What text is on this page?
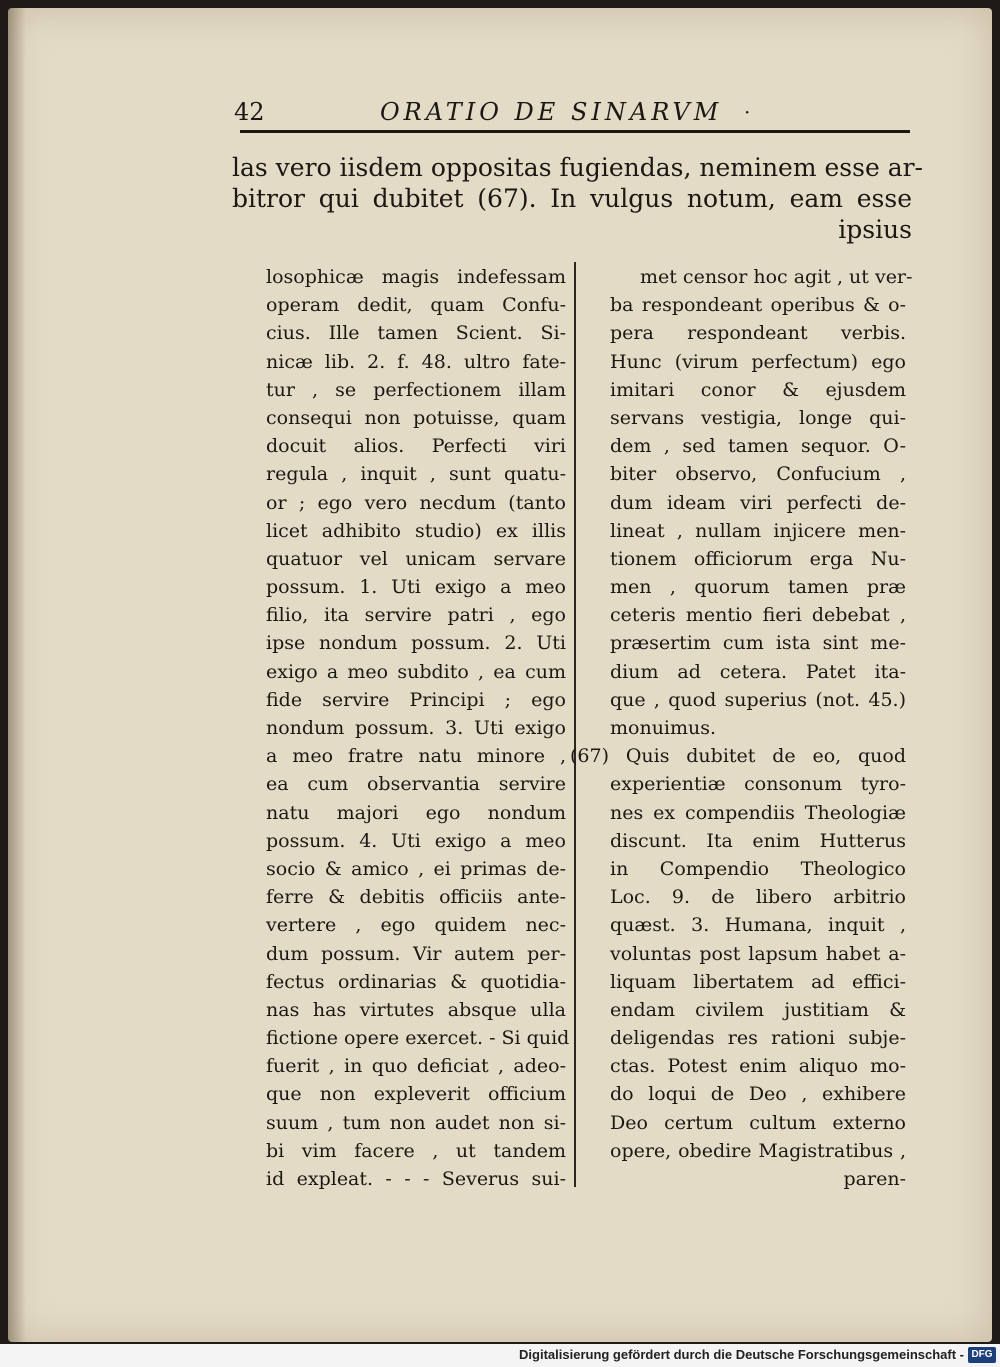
42	ORATIO DE SINARVM ·
las vero iisdem oppositas fugiendas, neminem esse ar-
bitror qui dubitet (67). In vulgus notum, eam esse
ipsius
losophicæ magis indefessam
operam dedit, quam Confu-
cius. Ille tamen Scient. Si-
nicæ lib. 2. f. 48. ultro fate-
tur , se perfectionem illam
consequi non potuisse, quam
docuit alios. Perfecti viri
regula , inquit , sunt quatu-
or ; ego vero necdum (tanto
licet adhibito studio) ex illis
quatuor vel unicam servare
possum. 1. Uti exigo a meo
filio, ita servire patri , ego
ipse nondum possum. 2. Uti
exigo a meo subdito , ea cum
fide servire Principi ; ego
nondum possum. 3. Uti exigo
a meo fratre natu minore ,
ea cum observantia servire
natu majori ego nondum
possum. 4. Uti exigo a meo
socio & amico , ei primas de-
ferre & debitis officiis ante-
vertere , ego quidem nec-
dum possum. Vir autem per-
fectus ordinarias & quotidia-
nas has virtutes absque ulla
fictione opere exercet. - Si quid
fuerit , in quo deficiat , adeo-
que non expleverit officium
suum , tum non audet non si-
bi vim facere , ut tandem
id expleat. - - - Severus sui-
met censor hoc agit , ut ver-
ba respondeant operibus & o-
pera respondeant verbis.
Hunc (virum perfectum) ego
imitari conor & ejusdem
servans vestigia, longe qui-
dem , sed tamen sequor. O-
biter observo, Confucium ,
dum ideam viri perfecti de-
lineat , nullam injicere men-
tionem officiorum erga Nu-
men , quorum tamen præ
ceteris mentio fieri debebat ,
præsertim cum ista sint me-
dium ad cetera. Patet ita-
que , quod superius (not. 45.)
monuimus.
(67) Quis dubitet de eo, quod
experientiæ consonum tyro-
nes ex compendiis Theologiæ
discunt. Ita enim Hutterus
in Compendio Theologico
Loc. 9. de libero arbitrio
quæst. 3. Humana, inquit ,
voluntas post lapsum habet a-
liquam libertatem ad effici-
endam civilem justitiam &
deligendas res rationi subje-
ctas. Potest enim aliquo mo-
do loqui de Deo , exhibere
Deo certum cultum externo
opere, obedire Magistratibus ,
paren-
Digitalisierung gefördert durch die Deutsche Forschungsgemeinschaft - DFG
